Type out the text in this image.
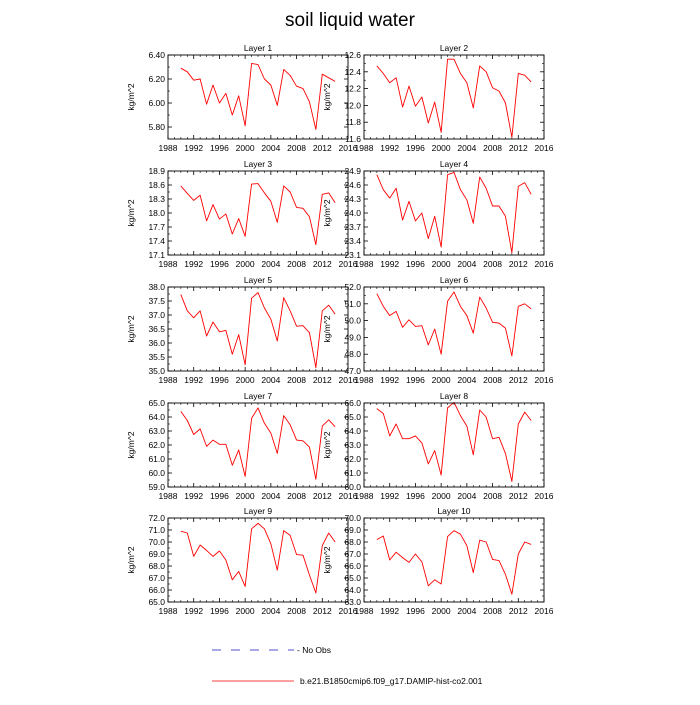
soil liquid water
Layer 1
kg/m^2
1988 1992 1996 2000 2004 2008 2012 2016
5.80
6.00
6.20
6.40
Layer 2
kg/m^2
1988 1992 1996 2000 2004 2008 2012 2016
11.6
11.8
12.0
12.2
12.4
12.6
Layer 3
kg/m^2
1988 1992 1996 2000 2004 2008 2012 2016
17.1
17.4
17.7
18.0
18.3
18.6
18.9
Layer 4
kg/m^2
1988 1992 1996 2000 2004 2008 2012 2016
23.1
23.4
23.7
24.0
24.3
24.6
24.9
Layer 5
kg/m^2
1988 1992 1996 2000 2004 2008 2012 2016
35.0
35.5
36.0
36.5
37.0
37.5
38.0
Layer 6
kg/m^2
1988 1992 1996 2000 2004 2008 2012 2016
47.0
48.0
49.0
50.0
51.0
52.0
Layer 7
kg/m^2
1988 1992 1996 2000 2004 2008 2012 2016
59.0
60.0
61.0
62.0
63.0
64.0
65.0
Layer 8
kg/m^2
1988 1992 1996 2000 2004 2008 2012 2016
60.0
61.0
62.0
63.0
64.0
65.0
66.0
Layer 9
kg/m^2
1988 1992 1996 2000 2004 2008 2012 2016
65.0
66.0
67.0
68.0
69.0
70.0
71.0
72.0
Layer 10
kg/m^2
1988 1992 1996 2000 2004 2008 2012 2016
63.0
64.0
65.0
66.0
67.0
68.0
69.0
70.0
- No Obs
b.e21.B1850cmip6.f09_g17.DAMIP-hist-co2.001
